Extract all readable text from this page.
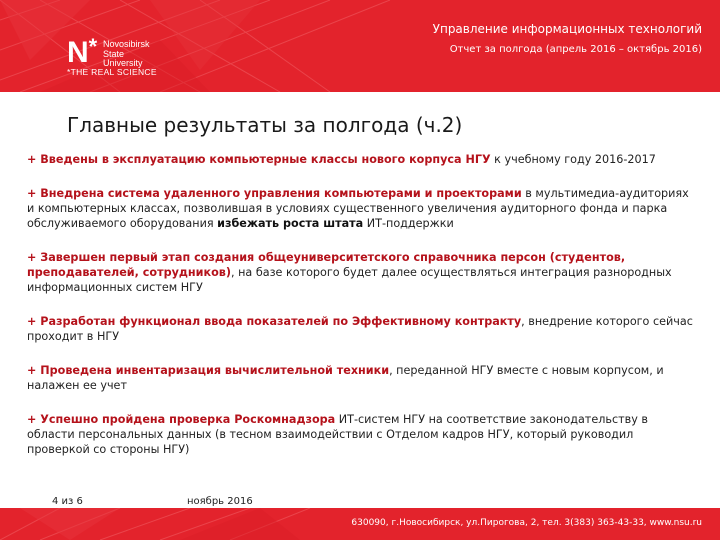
N* Novosibirsk
State
University
*THE REAL SCIENCE
Управление информационных технологий
Отчет за полгода (апрель 2016 – октябрь 2016)
Главные результаты за полгода (ч.2)
+ Введены в эксплуатацию компьютерные классы нового корпуса НГУ к учебному году 2016-2017
+ Внедрена система удаленного управления компьютерами и проекторами в мультимедиа-аудиториях и компьютерных классах, позволившая в условиях существенного увеличения аудиторного фонда и парка обслуживаемого оборудования избежать роста штата ИТ-поддержки
+ Завершен первый этап создания общеуниверситетского справочника персон (студентов, преподавателей, сотрудников), на базе которого будет далее осуществляться интеграция разнородных информационных систем НГУ
+ Разработан функционал ввода показателей по Эффективному контракту, внедрение которого сейчас проходит в НГУ
+ Проведена инвентаризация вычислительной техники, переданной НГУ вместе с новым корпусом, и налажен ее учет
+ Успешно пройдена проверка Роскомнадзора ИТ-систем НГУ на соответствие законодательству в области персональных данных (в тесном взаимодействии с Отделом кадров НГУ, который руководил проверкой со стороны НГУ)
4 из 6	ноябрь 2016
630090, г.Новосибирск, ул.Пирогова, 2, тел. 3(383) 363-43-33, www.nsu.ru
